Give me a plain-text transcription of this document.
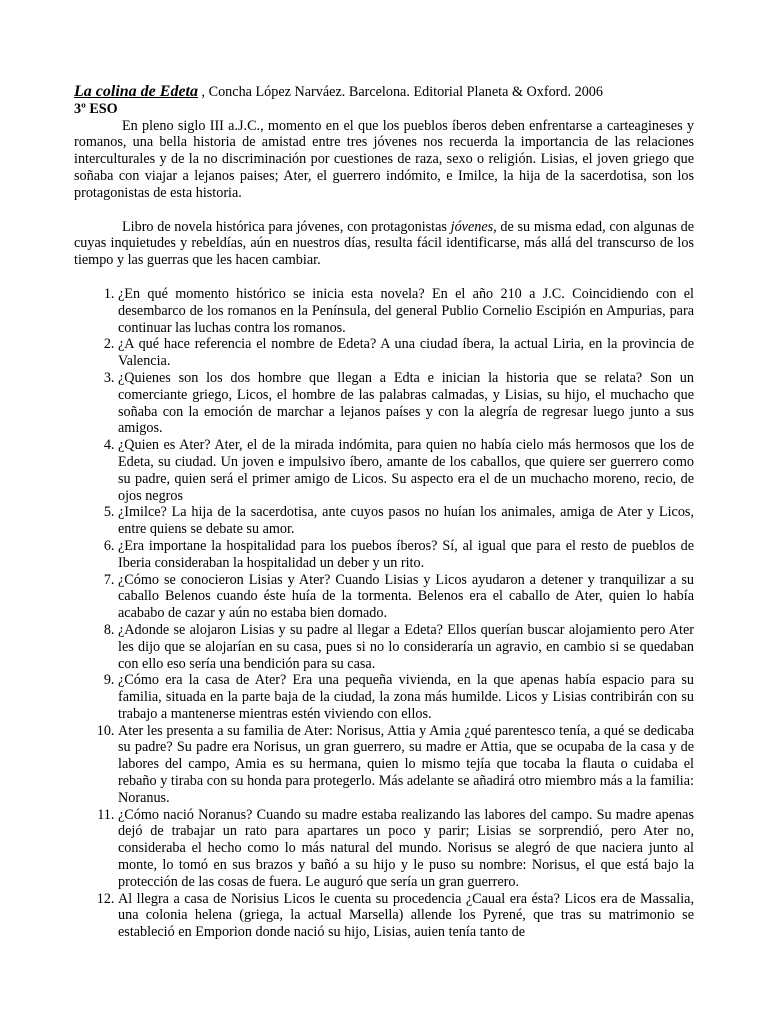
La colina de Edeta , Concha López Narváez. Barcelona. Editorial Planeta & Oxford. 2006
3º ESO

En pleno siglo III a.J.C., momento en el que los pueblos íberos deben enfrentarse a carteagineses y romanos, una bella historia de amistad entre tres jóvenes nos recuerda la importancia de las relaciones interculturales y de la no discriminación por cuestiones de raza, sexo o religión. Lisias, el joven griego que soñaba con viajar a lejanos paises; Ater, el guerrero indómito, e Imilce, la hija de la sacerdotisa, son los protagonistas de esta historia.

Libro de novela histórica para jóvenes, con protagonistas jóvenes, de su misma edad, con algunas de cuyas inquietudes y rebeldías, aún en nuestros días, resulta fácil identificarse, más allá del transcurso de los tiempo y las guerras que les hacen cambiar.

1. ¿En qué momento histórico se inicia esta novela? En el año 210 a J.C. Coincidiendo con el desembarco de los romanos en la Península, del general Publio Cornelio Escipión en Ampurias, para continuar las luchas contra los romanos.
2. ¿A qué hace referencia el nombre de Edeta? A una ciudad íbera, la actual Liria, en la provincia de Valencia.
3. ¿Quienes son los dos hombre que llegan a Edta e inician la historia que se relata? Son un comerciante griego, Licos, el hombre de las palabras calmadas, y Lisias, su hijo, el muchacho que soñaba con la emoción de marchar a lejanos países y con la alegría de regresar luego junto a sus amigos.
4. ¿Quien es Ater? Ater, el de la mirada indómita, para quien no había cielo más hermosos que los de Edeta, su ciudad. Un joven e impulsivo íbero, amante de los caballos, que quiere ser guerrero como su padre, quien será el primer amigo de Licos. Su aspecto era el de un muchacho moreno, recio, de ojos negros
5. ¿Imilce? La hija de la sacerdotisa, ante cuyos pasos no huían los animales, amiga de Ater y Licos, entre quiens se debate su amor.
6. ¿Era importane la hospitalidad para los puebos íberos? Sí, al igual que para el resto de pueblos de Iberia consideraban la hospitalidad un deber y un rito.
7. ¿Cómo se conocieron Lisias y Ater? Cuando Lisias y Licos ayudaron a detener y tranquilizar a su caballo Belenos cuando éste huía de la tormenta. Belenos era el caballo de Ater, quien lo había acababo de cazar y aún no estaba bien domado.
8. ¿Adonde se alojaron Lisias y su padre al llegar a Edeta? Ellos querían buscar alojamiento pero Ater les dijo que se alojarían en su casa, pues si no lo consideraría un agravio, en cambio si se quedaban con ello eso sería una bendición para su casa.
9. ¿Cómo era la casa de Ater? Era una pequeña vivienda, en la que apenas había espacio para su familia, situada en la parte baja de la ciudad, la zona más humilde. Licos y Lisias contribirán con su trabajo a mantenerse mientras estén viviendo con ellos.
10. Ater les presenta a su familia de Ater: Norisus, Attia y Amia ¿qué parentesco tenía, a qué se dedicaba su padre? Su padre era Norisus, un gran guerrero, su madre er Attia, que se ocupaba de la casa y de labores del campo, Amia es su hermana, quien lo mismo tejía que tocaba la flauta o cuidaba el rebaño y tiraba con su honda para protegerlo. Más adelante se añadirá otro miembro más a la familia: Noranus.
11. ¿Cómo nació Noranus? Cuando su madre estaba realizando las labores del campo. Su madre apenas dejó de trabajar un rato para apartares un poco y parir; Lisias se sorprendió, pero Ater no, consideraba el hecho como lo más natural del mundo. Norisus se alegró de que naciera junto al monte, lo tomó en sus brazos y bañó a su hijo y le puso su nombre: Norisus, el que está bajo la protección de las cosas de fuera. Le auguró que sería un gran guerrero.
12. Al llegra a casa de Norisius Licos le cuenta su procedencia ¿Caual era ésta? Licos era de Massalia, una colonia helena (griega, la actual Marsella) allende los Pyrené, que tras su matrimonio se estableció en Emporion donde nació su hijo, Lisias, auien tenía tanto de
